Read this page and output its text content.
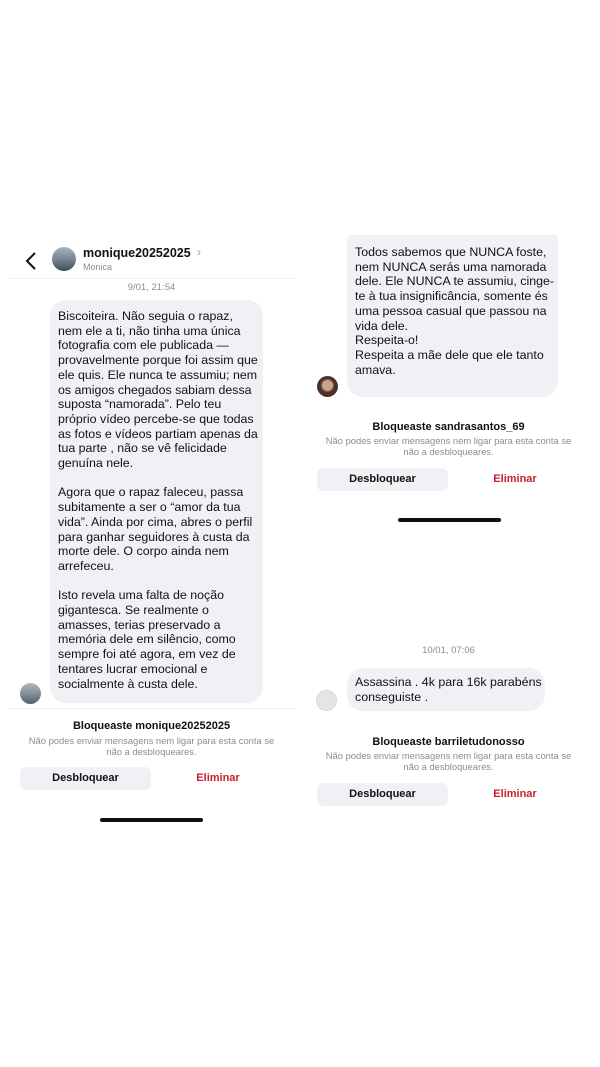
monique20252025 ›
Monica
9/01, 21:54
Biscoiteira. Não seguia o rapaz,
nem ele a ti, não tinha uma única
fotografia com ele publicada —
provavelmente porque foi assim que
ele quis. Ele nunca te assumiu; nem
os amigos chegados sabiam dessa
suposta “namorada”. Pelo teu
próprio vídeo percebe-se que todas
as fotos e vídeos partiam apenas da
tua parte , não se vê felicidade
genuína nele.

Agora que o rapaz faleceu, passa
subitamente a ser o “amor da tua
vida”. Ainda por cima, abres o perfil
para ganhar seguidores à custa da
morte dele. O corpo ainda nem
arrefeceu.

Isto revela uma falta de noção
gigantesca. Se realmente o
amasses, terias preservado a
memória dele em silêncio, como
sempre foi até agora, em vez de
tentares lucrar emocional e
socialmente à custa dele.
Bloqueaste monique20252025
Não podes enviar mensagens nem ligar para esta conta se
não a desbloqueares.
Desbloquear	Eliminar
Todos sabemos que NUNCA foste,
nem NUNCA serás uma namorada
dele. Ele NUNCA te assumiu, cinge-
te à tua insignificância, somente és
uma pessoa casual que passou na
vida dele.
Respeita-o!
Respeita a mãe dele que ele tanto
amava.
Bloqueaste sandrasantos_69
Não podes enviar mensagens nem ligar para esta conta se
não a desbloqueares.
Desbloquear	Eliminar
10/01, 07:06
Assassina . 4k para 16k parabéns
conseguiste .
Bloqueaste barriletudonosso
Não podes enviar mensagens nem ligar para esta conta se
não a desbloqueares.
Desbloquear	Eliminar
